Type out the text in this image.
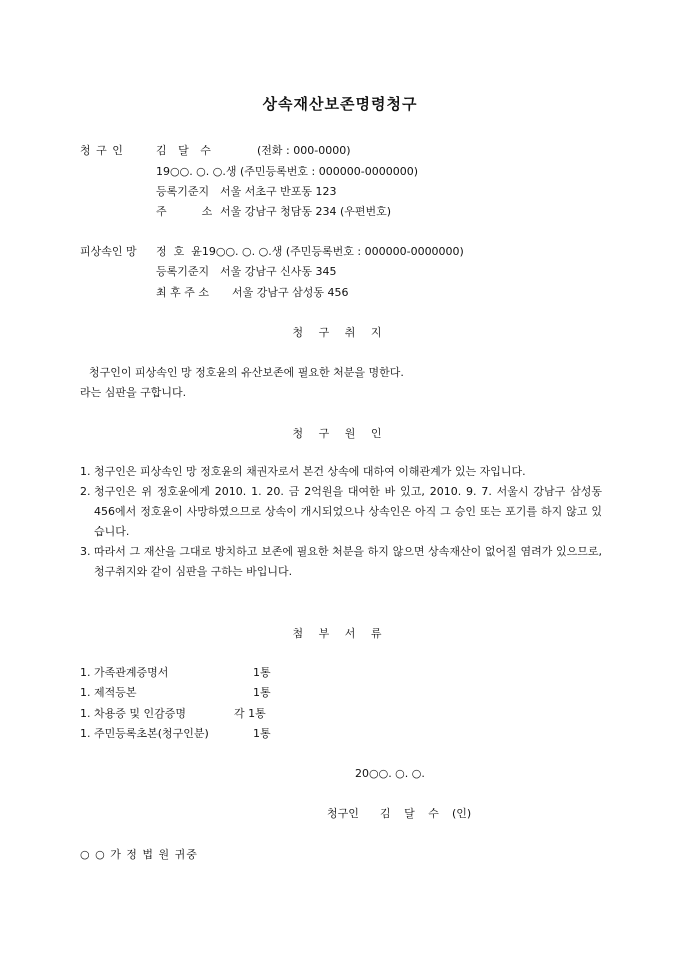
상속재산보존명령청구
청 구 인	김 달 수	(전화 : 000-0000)
19○○. ○. ○.생 (주민등록번호 : 000000-0000000)
등록기준지 서울 서초구 반포동 123
주          소 서울 강남구 청담동 234 (우편번호)
피상속인 망 정  호  윤19○○. ○. ○.생 (주민등록번호 : 000000-0000000)
등록기준지 서울 강남구 신사동 345
최 후 주 소 서울 강남구 삼성동 456
청 구 취 지
청구인이 피상속인 망 정호윤의 유산보존에 필요한 처분을 명한다.
라는 심판을 구합니다.
청 구 원 인
1. 청구인은 피상속인 망 정호윤의 채권자로서 본건 상속에 대하여 이해관계가 있는 자입니다.
2. 청구인은 위 정호윤에게 2010. 1. 20. 금 2억원을 대여한 바 있고, 2010. 9. 7. 서울시 강남구 삼성동 456에서 정호윤이 사망하였으므로 상속이 개시되었으나 상속인은 아직 그 승인 또는 포기를 하지 않고 있습니다.
3. 따라서 그 재산을 그대로 방치하고 보존에 필요한 처분을 하지 않으면 상속재산이 없어질 염려가 있으므로, 청구취지와 같이 심판을 구하는 바입니다.
첨 부 서 류
1. 가족관계증명서	1통
1. 제적등본	1통
1. 차용증 및 인감증명	각 1통
1. 주민등록초본(청구인분)	1통
20○○. ○. ○.
청구인 김 달 수 (인)
○ ○ 가 정 법 원 귀중
